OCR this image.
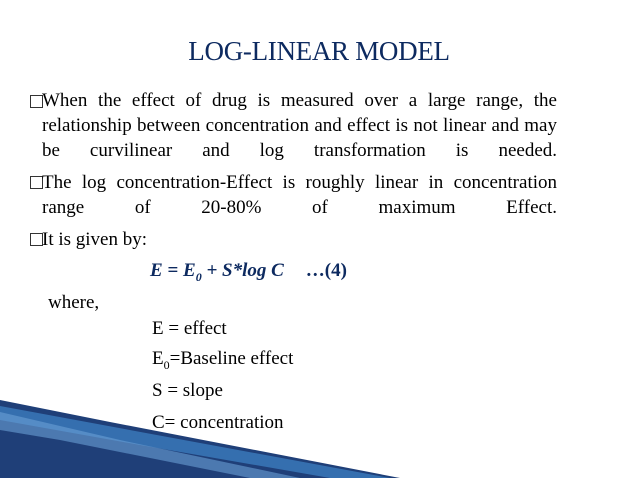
LOG-LINEAR MODEL
When the effect of drug is measured over a large range, the relationship between concentration and effect is not linear and may be curvilinear and log transformation is needed.
The log concentration-Effect is roughly linear in concentration range of 20-80% of maximum Effect.
It is given by:
$E = E_0 + S*\log$ C …(4)
where,
E = effect
$E_0=Baseline$ effect
S = slope
C= concentration
